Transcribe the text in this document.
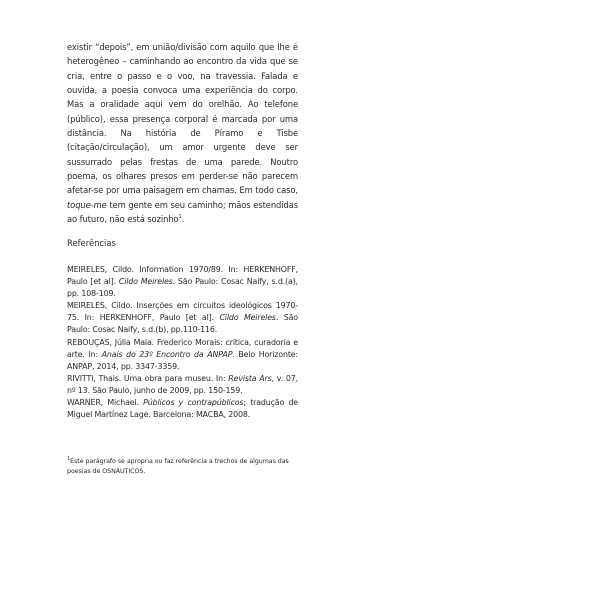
existir “depois”, em união/divisão com aquilo que lhe é heterogêneo – caminhando ao encontro da vida que se cria, entre o passo e o voo, na travessia. Falada e ouvida, a poesia convoca uma experiência do corpo. Mas a oralidade aqui vem do orelhão. Ao telefone (público), essa presença corporal é marcada por uma distância. Na história de Píramo e Tisbe (citação/circulação), um amor urgente deve ser sussurrado pelas frestas de uma parede. Noutro poema, os olhares presos em perder-se não parecem afetar-se por uma paisagem em chamas. Em todo caso, toque-me tem gente em seu caminho; mãos estendidas ao futuro, não está sozinho$^1$.

Referências

MEIRELES, Cildo. Information 1970/89. In: HERKENHOFF, Paulo [et al]. Cildo Meireles. São Paulo: Cosac Naify, s.d.(a), pp. 108-109.

MEIRELES, Cildo. Inserções em circuitos ideológicos 1970-75. In: HERKENHOFF, Paulo [et al]. Cildo Meireles. São Paulo: Cosac Naify, s.d.(b), pp.110-116.

REBOUÇAS, Júlia Maia. Frederico Morais: crítica, curadoria e arte. In: Anais do 23º Encontro da ANPAP. Belo Horizonte: ANPAP, 2014, pp. 3347-3359.

RIVITTI, Thais. Uma obra para museu. In: Revista Ars, v. 07, nº 13. São Paulo, junho de 2009, pp. 150-159.

WARNER, Michael. Públicos y contrapúblicos; tradução de Miguel Martínez Lage. Barcelona: MACBA, 2008.

$^1$Este parágrafo se apropria ou faz referência a trechos de algumas das poesias de OSNÁUTICOS.
